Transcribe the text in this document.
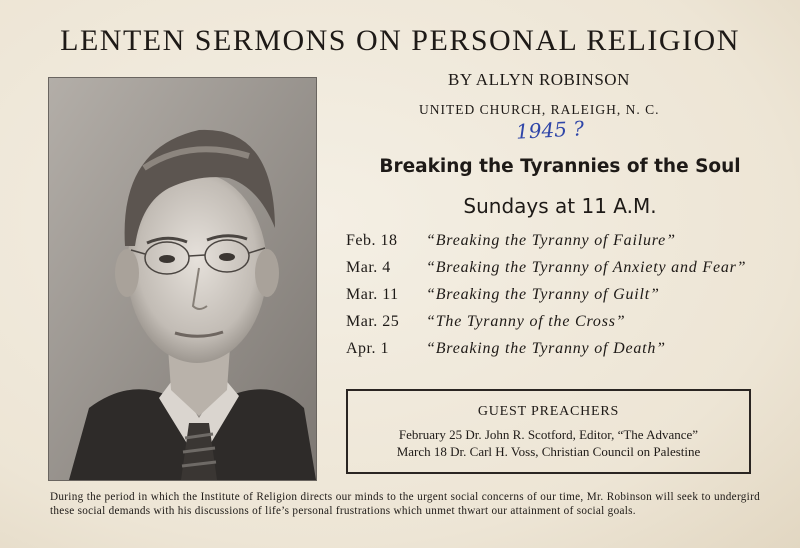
LENTEN SERMONS ON PERSONAL RELIGION
BY ALLYN ROBINSON
UNITED CHURCH, RALEIGH, N. C.
1945 ?
Breaking the Tyrannies of the Soul
Sundays at 11 A.M.
Feb. 18	“Breaking the Tyranny of Failure”
Mar. 4	“Breaking the Tyranny of Anxiety and Fear”
Mar. 11	“Breaking the Tyranny of Guilt”
Mar. 25	“The Tyranny of the Cross”
Apr. 1	“Breaking the Tyranny of Death”
GUEST PREACHERS
February 25 Dr. John R. Scotford, Editor, “The Advance”
March 18 Dr. Carl H. Voss, Christian Council on Palestine
During the period in which the Institute of Religion directs our minds to the urgent social concerns of our time, Mr. Robinson will seek to undergird these social demands with his discussions of life’s personal frustrations which unmet thwart our attainment of social goals.
